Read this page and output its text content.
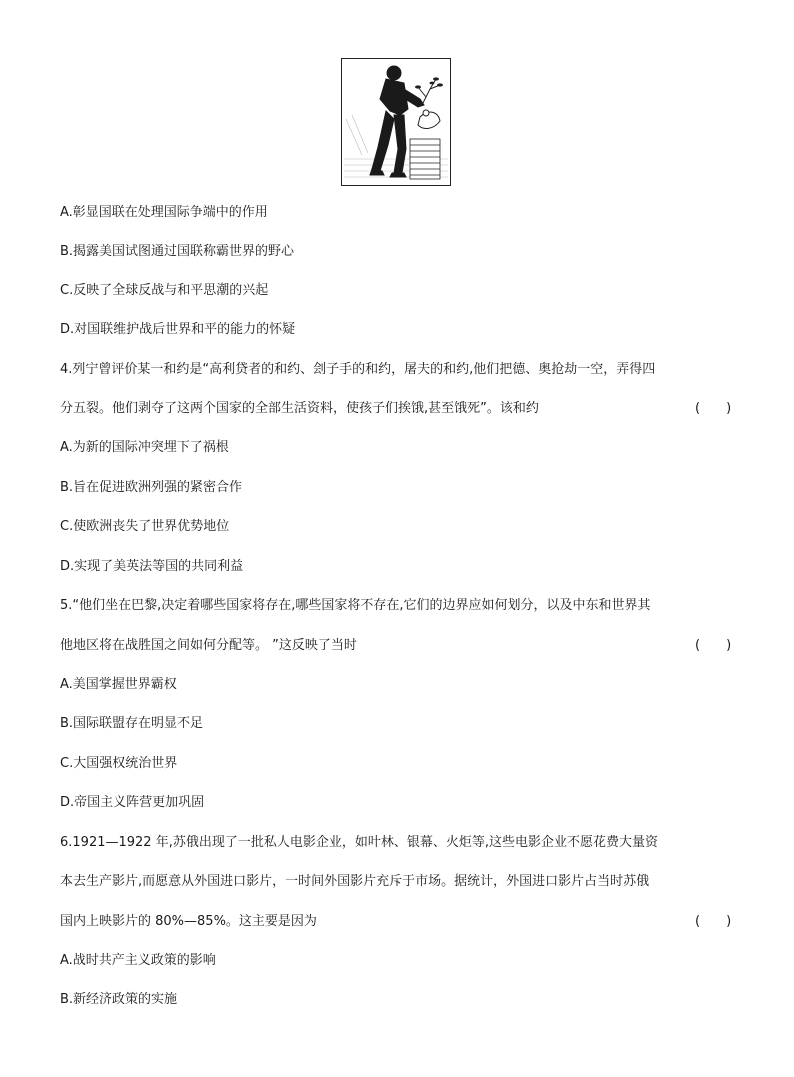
A.彰显国联在处理国际争端中的作用
B.揭露美国试图通过国联称霸世界的野心
C.反映了全球反战与和平思潮的兴起
D.对国联维护战后世界和平的能力的怀疑
4.列宁曾评价某一和约是“高利贷者的和约、刽子手的和约，屠夫的和约,他们把德、奥抢劫一空，弄得四
分五裂。他们剥夺了这两个国家的全部生活资料，使孩子们挨饿,甚至饿死”。该和约	(　　)
A.为新的国际冲突埋下了祸根
B.旨在促进欧洲列强的紧密合作
C.使欧洲丧失了世界优势地位
D.实现了美英法等国的共同利益
5.“他们坐在巴黎,决定着哪些国家将存在,哪些国家将不存在,它们的边界应如何划分，以及中东和世界其
他地区将在战胜国之间如何分配等。 ”这反映了当时	(　　)
A.美国掌握世界霸权
B.国际联盟存在明显不足
C.大国强权统治世界
D.帝国主义阵营更加巩固
6.1921—1922 年,苏俄出现了一批私人电影企业，如叶林、银幕、火炬等,这些电影企业不愿花费大量资
本去生产影片,而愿意从外国进口影片，一时间外国影片充斥于市场。据统计，外国进口影片占当时苏俄
国内上映影片的 80%—85%。这主要是因为	(　　)
A.战时共产主义政策的影响
B.新经济政策的实施
